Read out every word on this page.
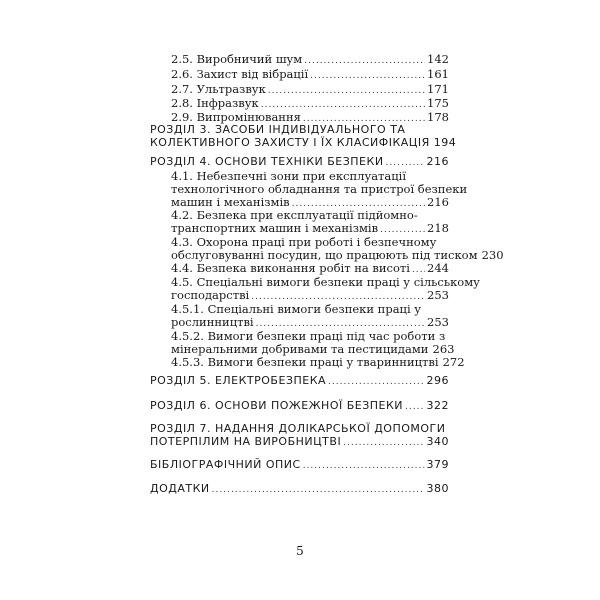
2.5. Виробничий шум .....	142
2.6. Захист від вібрації .....	161
2.7. Ультразвук .....	171
2.8. Інфразвук .....	175
2.9. Випромінювання .....	178
РОЗДІЛ 3. ЗАСОБИ ІНДИВІДУАЛЬНОГО ТА
КОЛЕКТИВНОГО ЗАХИСТУ І ЇХ КЛАСИФІКАЦІЯ 194
РОЗДІЛ 4. ОСНОВИ ТЕХНІКИ БЕЗПЕКИ .....	216
4.1. Небезпечні зони при експлуатації
технологічного обладнання та пристрої безпеки
машин і механізмів .....	216
4.2. Безпека при експлуатації підйомно-
транспортних машин і механізмів .....	218
4.3. Охорона праці при роботі і безпечному
обслуговуванні посудин, що працюють під тиском 230
4.4. Безпека виконання робіт на висоті ..... 244
4.5. Спеціальні вимоги безпеки праці у сільському
господарстві .....	253
4.5.1. Спеціальні вимоги безпеки праці у
рослинництві .....	253
4.5.2. Вимоги безпеки праці під час роботи з
мінеральними добривами та пестицидами 263
4.5.3. Вимоги безпеки праці у тваринництві 272
РОЗДІЛ 5. ЕЛЕКТРОБЕЗПЕКА .....	296
РОЗДІЛ 6. ОСНОВИ ПОЖЕЖНОЇ БЕЗПЕКИ ..... 322
РОЗДІЛ 7. НАДАННЯ ДОЛІКАРСЬКОЇ ДОПОМОГИ
ПОТЕРПІЛИМ НА ВИРОБНИЦТВІ .....	340
БІБЛІОГРАФІЧНИЙ ОПИС .....	379
ДОДАТКИ .....	380
5
